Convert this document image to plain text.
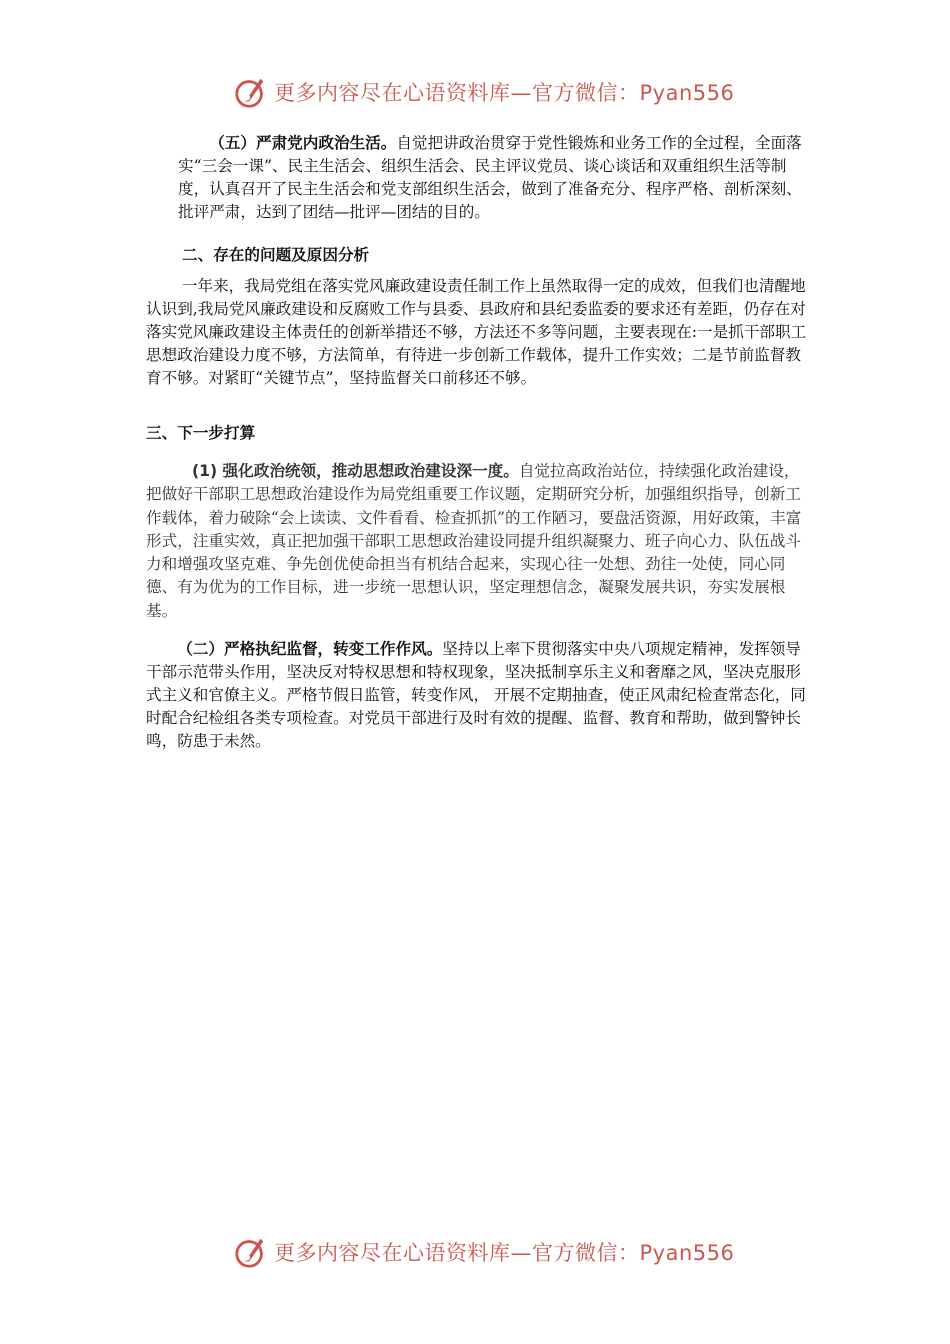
更多内容尽在心语资料库—官方微信：Pyan556

（五）严肃党内政治生活。自觉把讲政治贯穿于党性锻炼和业务工作的全过程，全面落实“三会一课”、民主生活会、组织生活会、民主评议党员、谈心谈话和双重组织生活等制度，认真召开了民主生活会和党支部组织生活会，做到了准备充分、程序严格、剖析深刻、批评严肃，达到了团结—批评—团结的目的。

二、存在的问题及原因分析

一年来，我局党组在落实党风廉政建设责任制工作上虽然取得一定的成效，但我们也清醒地认识到,我局党风廉政建设和反腐败工作与县委、县政府和县纪委监委的要求还有差距，仍存在对落实党风廉政建设主体责任的创新举措还不够，方法还不多等问题，主要表现在:一是抓干部职工思想政治建设力度不够，方法简单，有待进一步创新工作载体，提升工作实效；二是节前监督教育不够。对紧盯“关键节点”，坚持监督关口前移还不够。

三、下一步打算

(1) 强化政治统领，推动思想政治建设深一度。自觉拉高政治站位，持续强化政治建设，把做好干部职工思想政治建设作为局党组重要工作议题，定期研究分析，加强组织指导，创新工作载体，着力破除“会上读读、文件看看、检查抓抓”的工作陋习，要盘活资源，用好政策，丰富形式，注重实效，真正把加强干部职工思想政治建设同提升组织凝聚力、班子向心力、队伍战斗力和增强攻坚克难、争先创优使命担当有机结合起来，实现心往一处想、劲往一处使，同心同德、有为优为的工作目标，进一步统一思想认识，坚定理想信念，凝聚发展共识，夯实发展根基。

（二）严格执纪监督，转变工作作风。坚持以上率下贯彻落实中央八项规定精神，发挥领导干部示范带头作用，坚决反对特权思想和特权现象，坚决抵制享乐主义和奢靡之风，坚决克服形式主义和官僚主义。严格节假日监管，转变作风， 开展不定期抽查，使正风肃纪检查常态化，同时配合纪检组各类专项检查。对党员干部进行及时有效的提醒、监督、教育和帮助，做到警钟长鸣，防患于未然。

更多内容尽在心语资料库—官方微信：Pyan556
